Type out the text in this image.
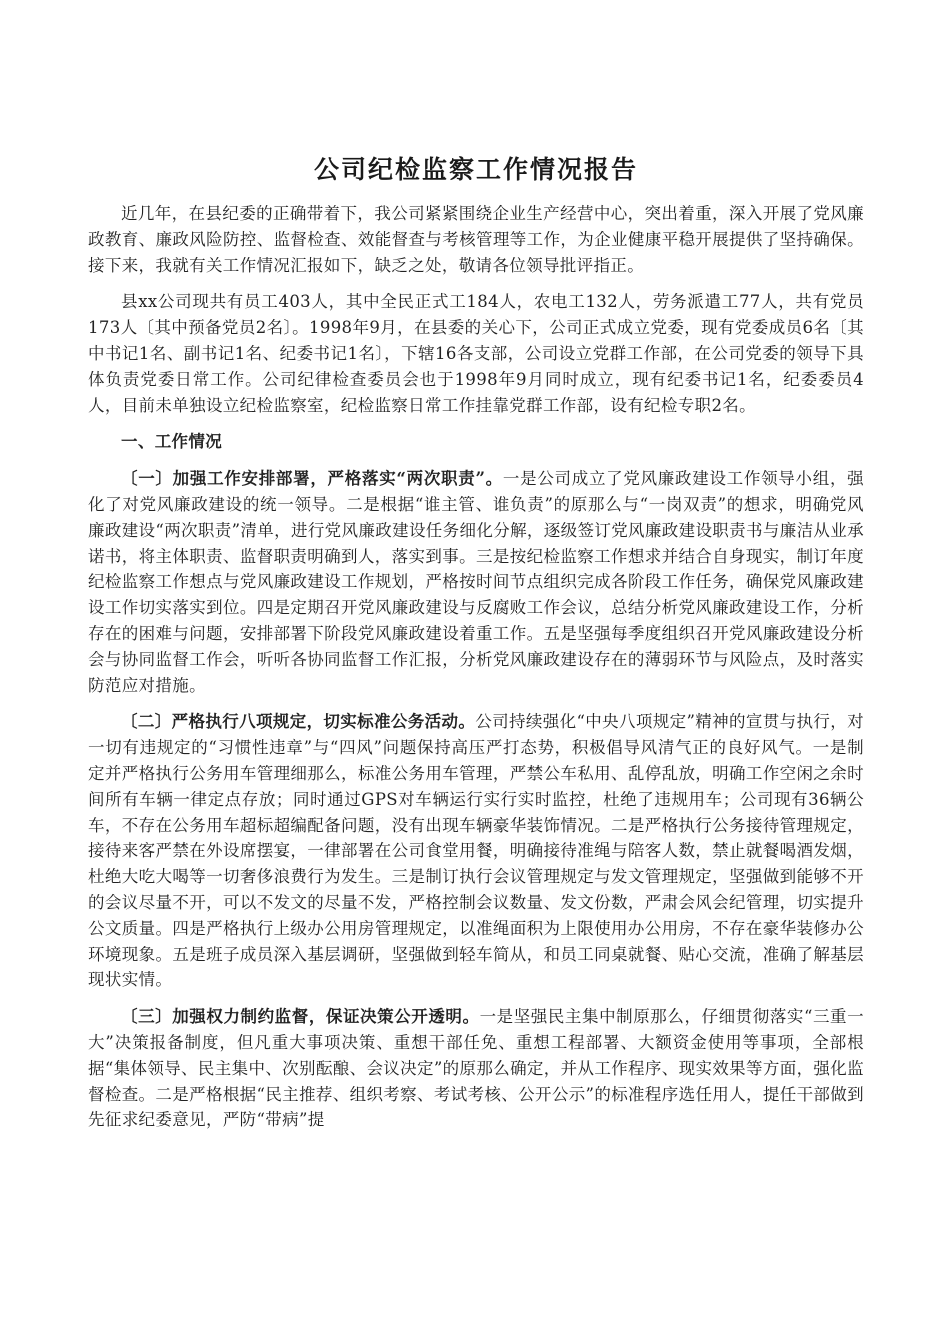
公司纪检监察工作情况报告

近几年，在县纪委的正确带着下，我公司紧紧围绕企业生产经营中心，突出着重，深入开展了党风廉政教育、廉政风险防控、监督检查、效能督查与考核管理等工作，为企业健康平稳开展提供了坚持确保。接下来，我就有关工作情况汇报如下，缺乏之处，敬请各位领导批评指正。

县xx公司现共有员工403人，其中全民正式工184人，农电工132人，劳务派遣工77人，共有党员173人〔其中预备党员2名〕。1998年9月，在县委的关心下，公司正式成立党委，现有党委成员6名〔其中书记1名、副书记1名、纪委书记1名〕，下辖16各支部，公司设立党群工作部，在公司党委的领导下具体负责党委日常工作。公司纪律检查委员会也于1998年9月同时成立，现有纪委书记1名，纪委委员4人，目前未单独设立纪检监察室，纪检监察日常工作挂靠党群工作部，设有纪检专职2名。

一、工作情况

〔一〕加强工作安排部署，严格落实“两次职责”。一是公司成立了党风廉政建设工作领导小组，强化了对党风廉政建设的统一领导。二是根据“谁主管、谁负责”的原那么与“一岗双责”的想求，明确党风廉政建设“两次职责”清单，进行党风廉政建设任务细化分解，逐级签订党风廉政建设职责书与廉洁从业承诺书，将主体职责、监督职责明确到人，落实到事。三是按纪检监察工作想求并结合自身现实，制订年度纪检监察工作想点与党风廉政建设工作规划，严格按时间节点组织完成各阶段工作任务，确保党风廉政建设工作切实落实到位。四是定期召开党风廉政建设与反腐败工作会议，总结分析党风廉政建设工作，分析存在的困难与问题，安排部署下阶段党风廉政建设着重工作。五是坚强每季度组织召开党风廉政建设分析会与协同监督工作会，听听各协同监督工作汇报，分析党风廉政建设存在的薄弱环节与风险点，及时落实防范应对措施。

〔二〕严格执行八项规定，切实标准公务活动。公司持续强化“中央八项规定”精神的宣贯与执行，对一切有违规定的“习惯性违章”与“四风”问题保持高压严打态势，积极倡导风清气正的良好风气。一是制定并严格执行公务用车管理细那么，标准公务用车管理，严禁公车私用、乱停乱放，明确工作空闲之余时间所有车辆一律定点存放；同时通过GPS对车辆运行实行实时监控，杜绝了违规用车；公司现有36辆公车，不存在公务用车超标超编配备问题，没有出现车辆豪华装饰情况。二是严格执行公务接待管理规定，接待来客严禁在外设席摆宴，一律部署在公司食堂用餐，明确接待准绳与陪客人数，禁止就餐喝酒发烟，杜绝大吃大喝等一切奢侈浪费行为发生。三是制订执行会议管理规定与发文管理规定，坚强做到能够不开的会议尽量不开，可以不发文的尽量不发，严格控制会议数量、发文份数，严肃会风会纪管理，切实提升公文质量。四是严格执行上级办公用房管理规定，以准绳面积为上限使用办公用房，不存在豪华装修办公环境现象。五是班子成员深入基层调研，坚强做到轻车简从，和员工同桌就餐、贴心交流，准确了解基层现状实情。

〔三〕加强权力制约监督，保证决策公开透明。一是坚强民主集中制原那么，仔细贯彻落实“三重一大”决策报备制度，但凡重大事项决策、重想干部任免、重想工程部署、大额资金使用等事项，全部根据“集体领导、民主集中、次别酝酿、会议决定”的原那么确定，并从工作程序、现实效果等方面，强化监督检查。二是严格根据“民主推荐、组织考察、考试考核、公开公示”的标准程序选任用人，提任干部做到先征求纪委意见，严防“带病”提
